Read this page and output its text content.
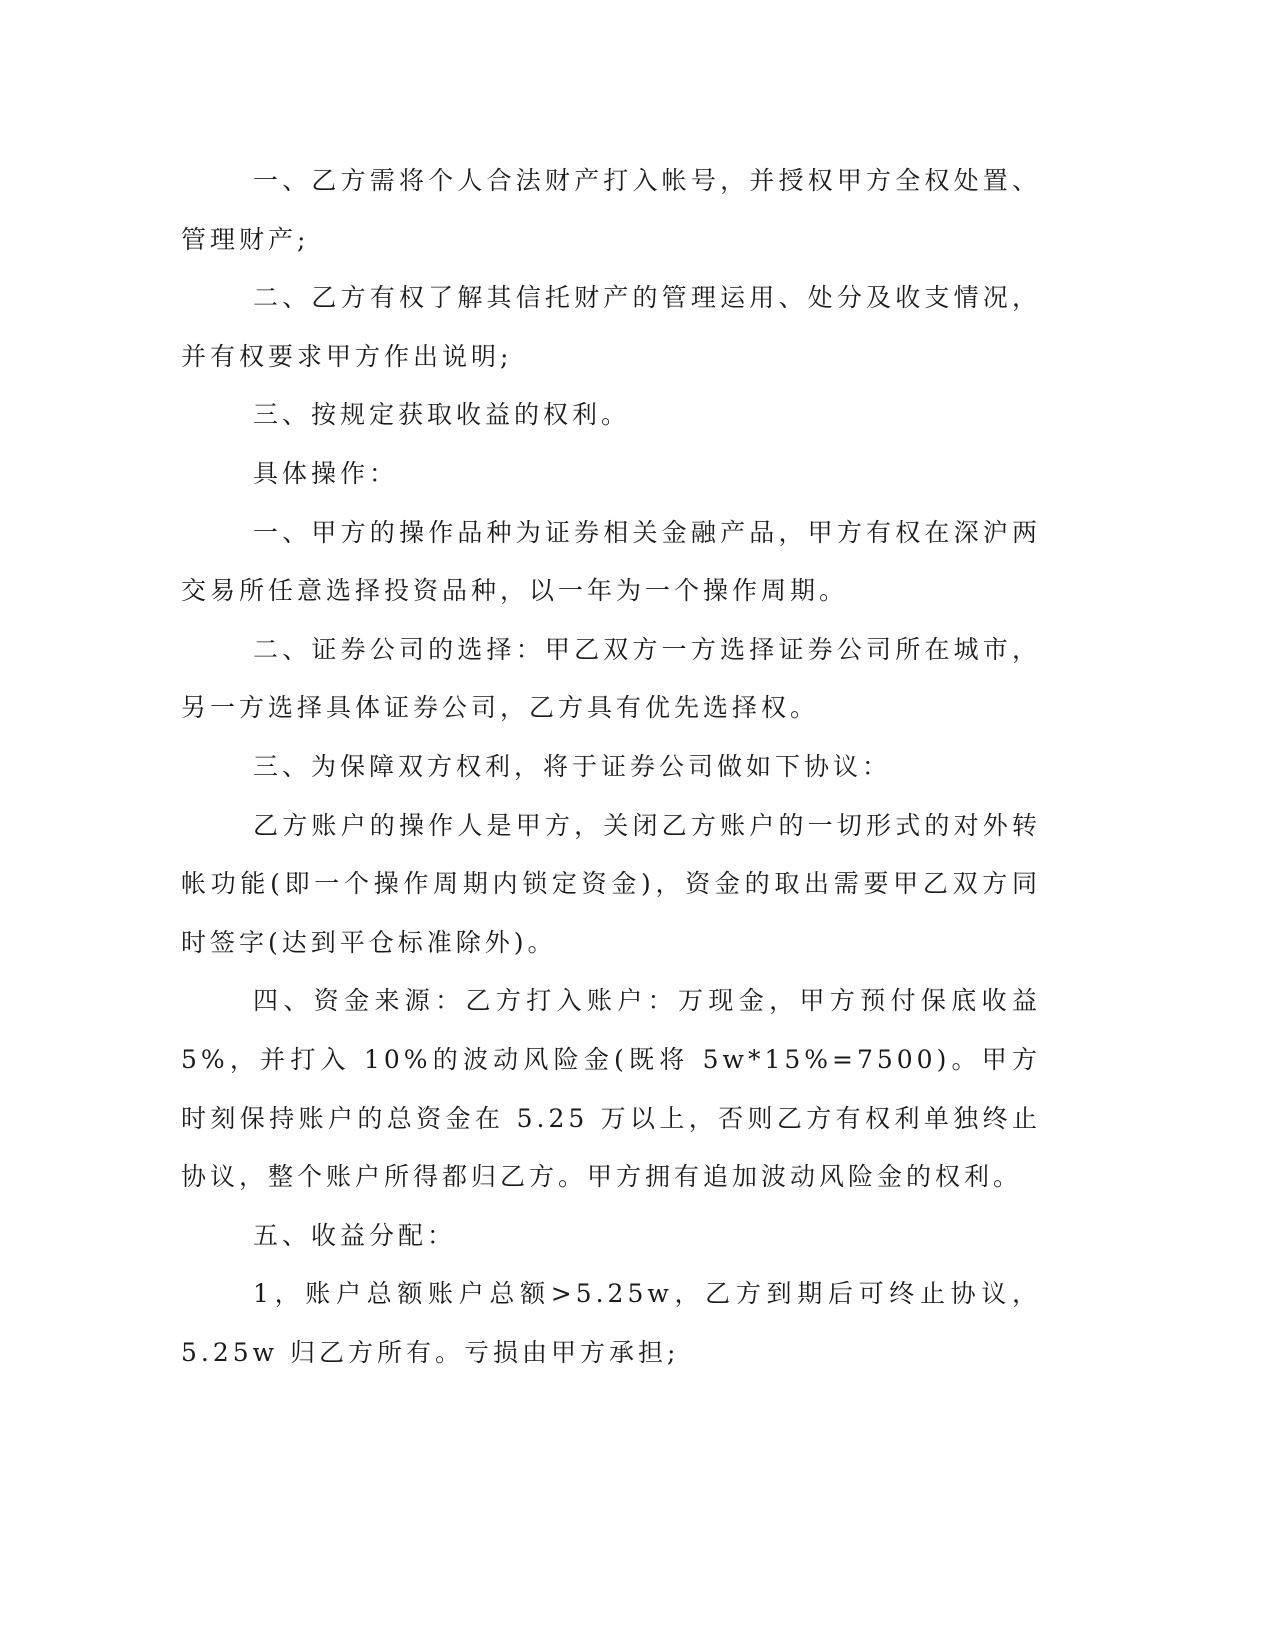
一、乙方需将个人合法财产打入帐号，并授权甲方全权处置、管理财产;

二、乙方有权了解其信托财产的管理运用、处分及收支情况，并有权要求甲方作出说明;

三、按规定获取收益的权利。

具体操作：

一、甲方的操作品种为证券相关金融产品，甲方有权在深沪两交易所任意选择投资品种，以一年为一个操作周期。

二、证券公司的选择：甲乙双方一方选择证券公司所在城市，另一方选择具体证券公司，乙方具有优先选择权。

三、为保障双方权利，将于证券公司做如下协议：

乙方账户的操作人是甲方，关闭乙方账户的一切形式的对外转帐功能(即一个操作周期内锁定资金)，资金的取出需要甲乙双方同时签字(达到平仓标准除外)。

四、资金来源：乙方打入账户：万现金，甲方预付保底收益 5%，并打入 10%的波动风险金(既将 5w*15%=7500)。甲方时刻保持账户的总资金在 5.25 万以上，否则乙方有权利单独终止协议，整个账户所得都归乙方。甲方拥有追加波动风险金的权利。

五、收益分配：

1，账户总额账户总额>5.25w，乙方到期后可终止协议，5.25w 归乙方所有。亏损由甲方承担;
